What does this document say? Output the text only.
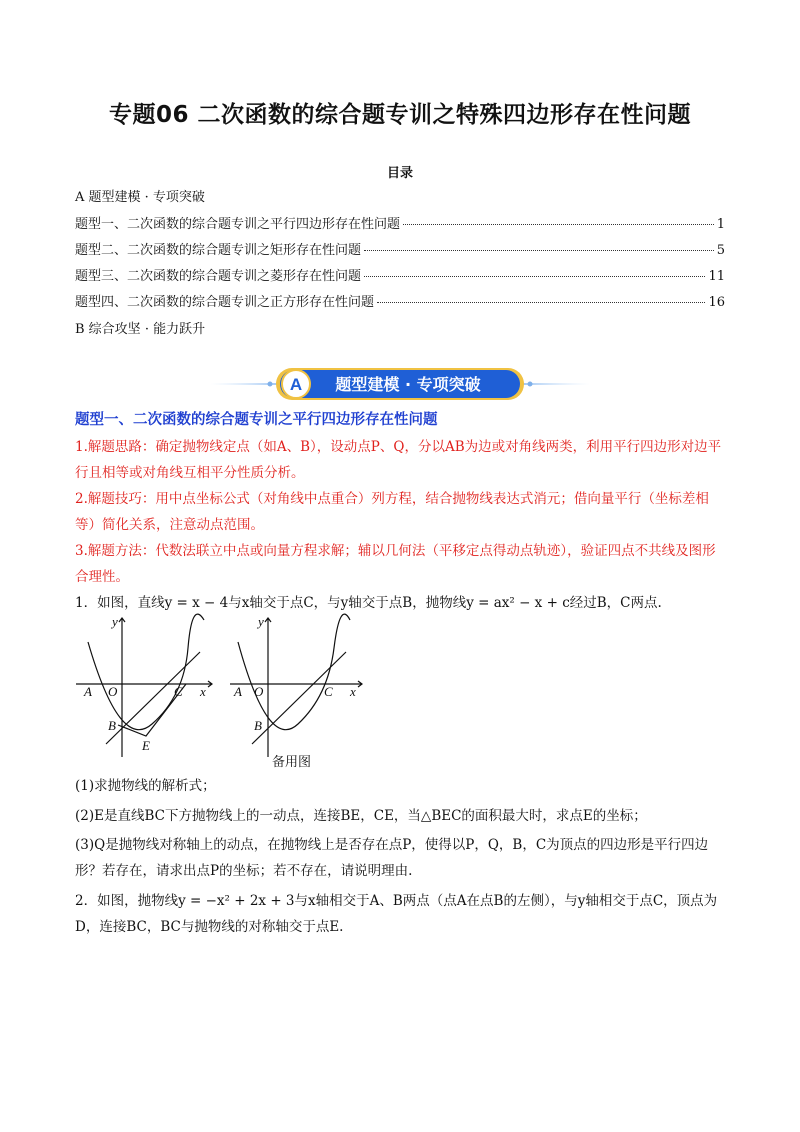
专题06 二次函数的综合题专训之特殊四边形存在性问题
目录
A 题型建模 · 专项突破
题型一、二次函数的综合题专训之平行四边形存在性问题	1
题型二、二次函数的综合题专训之矩形存在性问题	5
题型三、二次函数的综合题专训之菱形存在性问题	11
题型四、二次函数的综合题专训之正方形存在性问题	16
B 综合攻坚 · 能力跃升
A 题型建模 · 专项突破
题型一、二次函数的综合题专训之平行四边形存在性问题
1.解题思路：确定抛物线定点（如A、B），设动点P、Q，分以AB为边或对角线两类，利用平行四边形对边平行且相等或对角线互相平分性质分析。
2.解题技巧：用中点坐标公式（对角线中点重合）列方程，结合抛物线表达式消元；借向量平行（坐标差相等）简化关系，注意动点范围。
3.解题方法：代数法联立中点或向量方程求解；辅以几何法（平移定点得动点轨迹），验证四点不共线及图形合理性。
1．如图，直线y = x − 4与x轴交于点C，与y轴交于点B，抛物线y = ax² − x + c经过B，C两点.
y
x
A O	C
B
E
y
x
A O	C
B
备用图
(1)求抛物线的解析式；
(2)E是直线BC下方抛物线上的一动点，连接BE，CE，当△BEC的面积最大时，求点E的坐标；
(3)Q是抛物线对称轴上的动点，在抛物线上是否存在点P，使得以P，Q，B，C为顶点的四边形是平行四边形？若存在，请求出点P的坐标；若不存在，请说明理由.
2．如图，抛物线y = −x² + 2x + 3与x轴相交于A、B两点（点A在点B的左侧），与y轴相交于点C，顶点为D，连接BC，BC与抛物线的对称轴交于点E.
